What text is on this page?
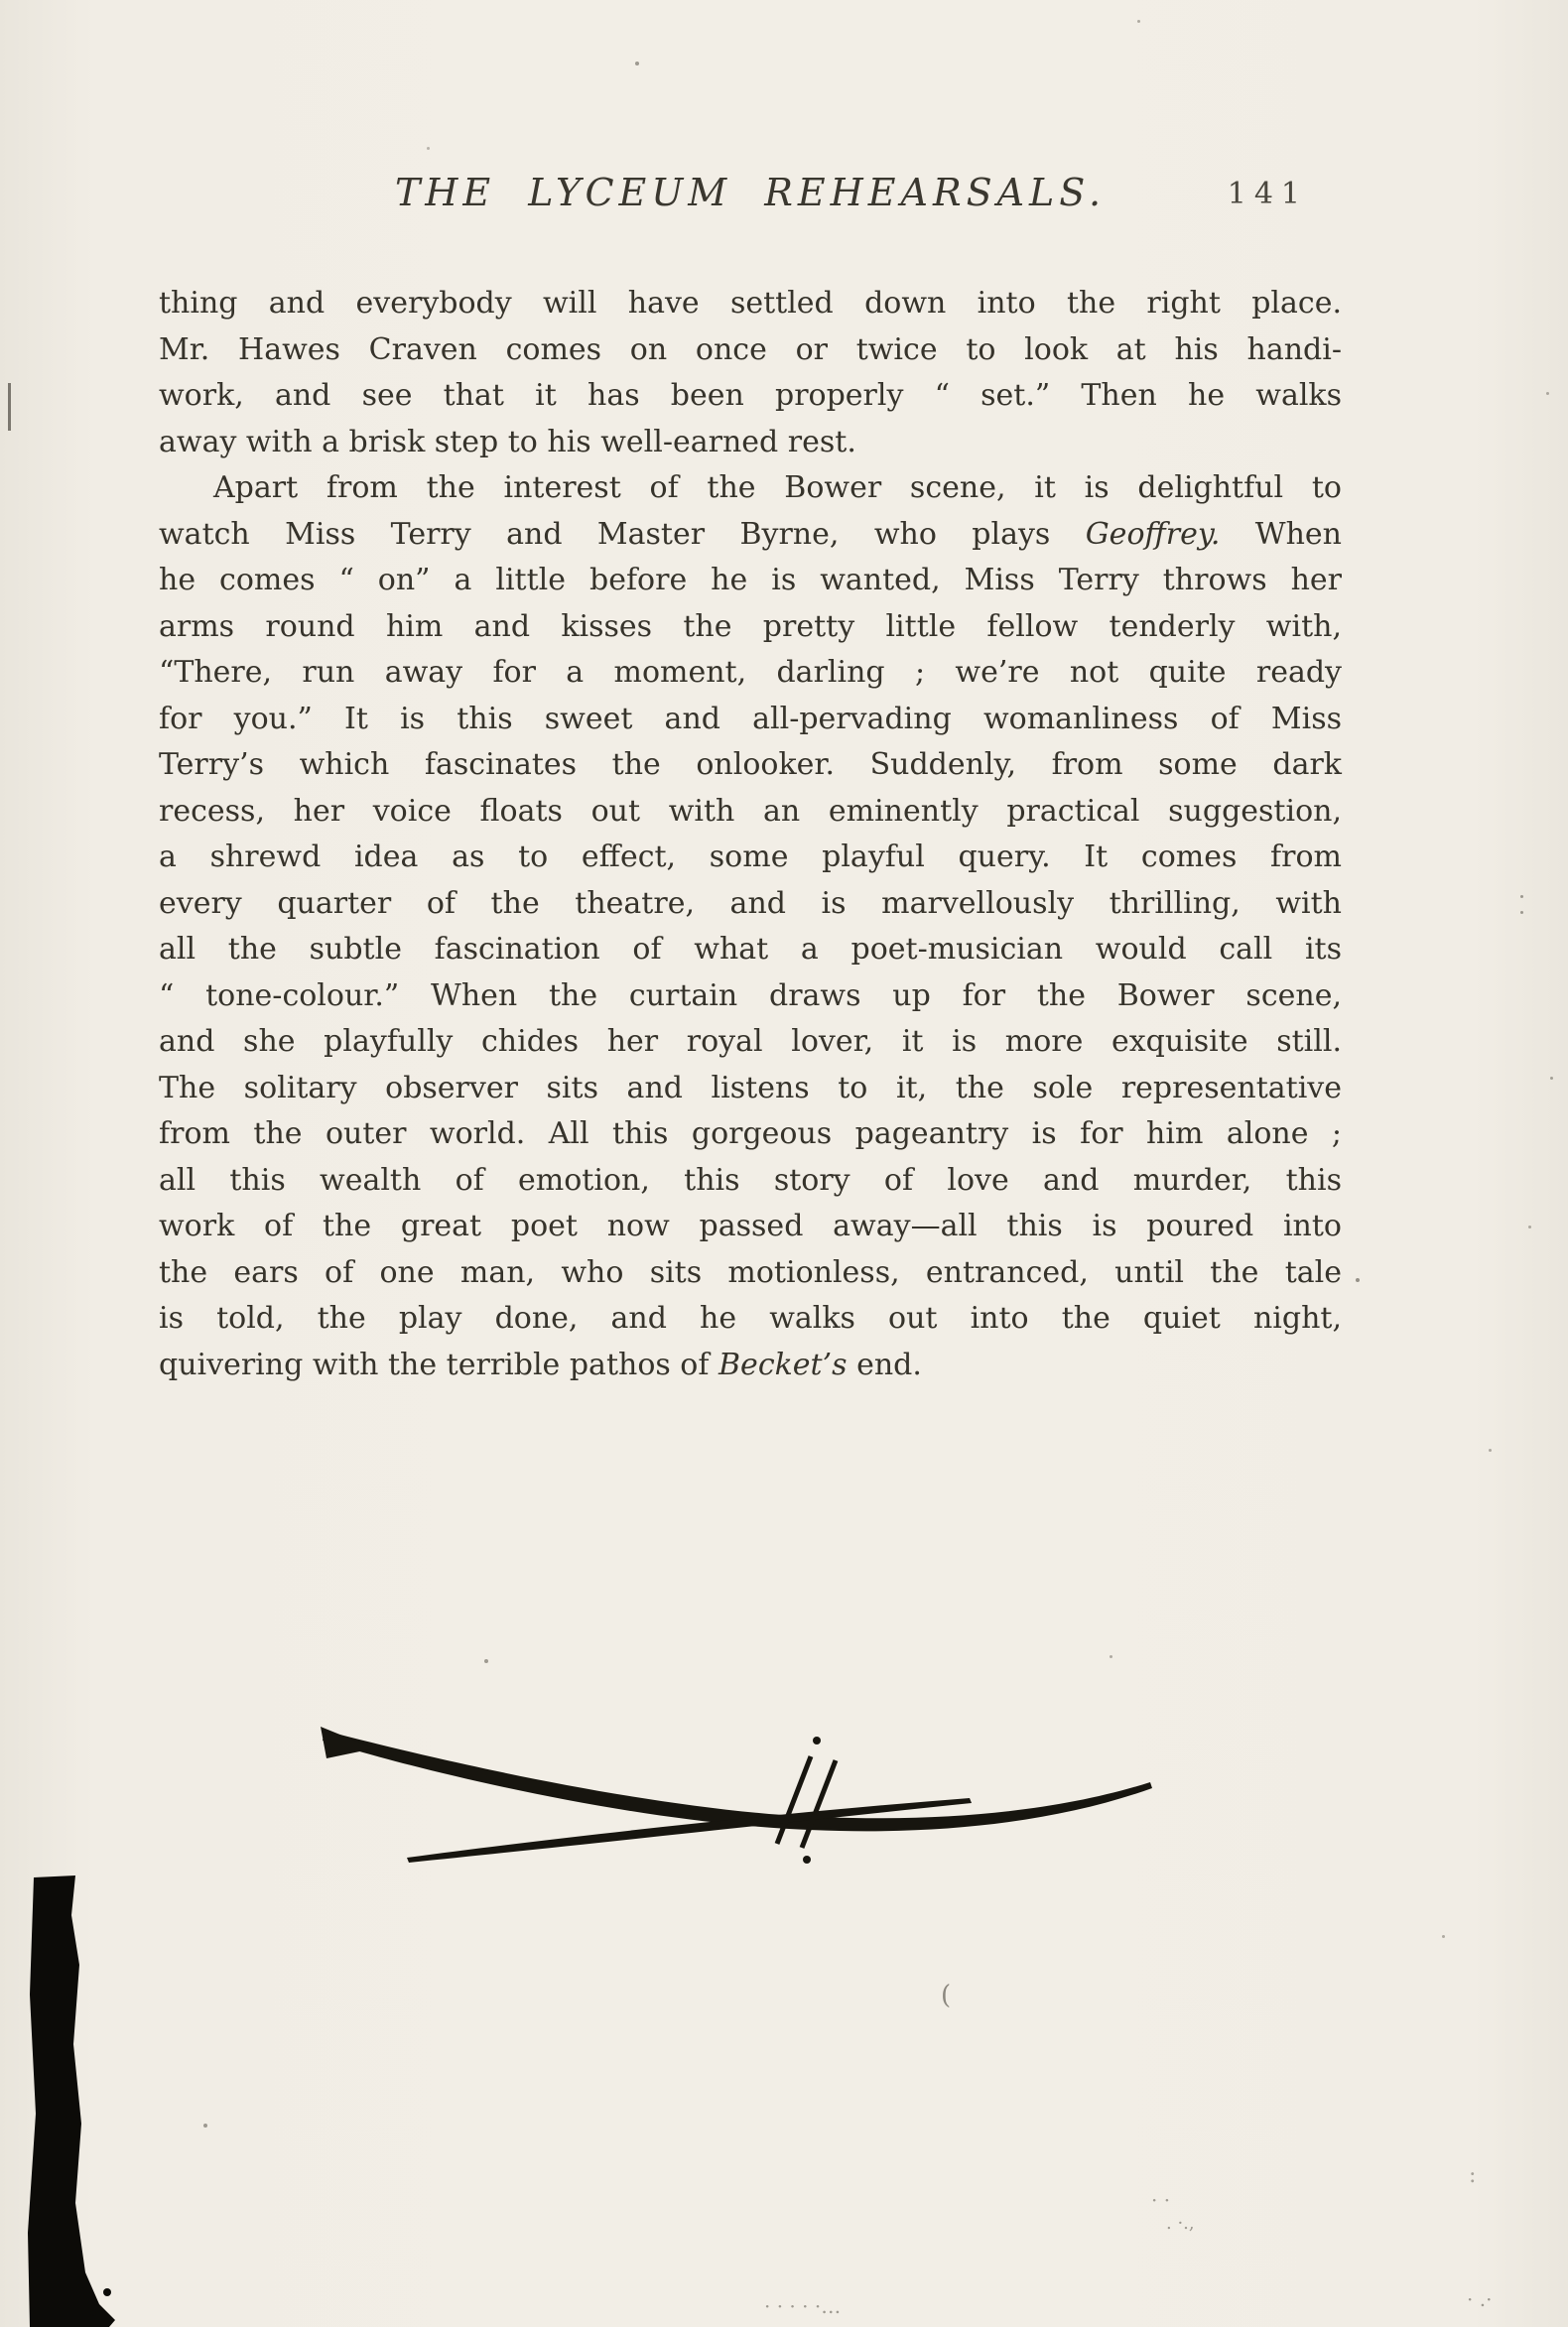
THE LYCEUM REHEARSALS.	141
thing and everybody will have settled down into the right place.
Mr. Hawes Craven comes on once or twice to look at his handi-
work, and see that it has been properly “ set.” Then he walks
away with a brisk step to his well-earned rest.
Apart from the interest of the Bower scene, it is delightful to
watch Miss Terry and Master Byrne, who plays Geoffrey. When
he comes “ on” a little before he is wanted, Miss Terry throws her
arms round him and kisses the pretty little fellow tenderly with,
“There, run away for a moment, darling ; we’re not quite ready
for you.” It is this sweet and all-pervading womanliness of Miss
Terry’s which fascinates the onlooker. Suddenly, from some dark
recess, her voice floats out with an eminently practical suggestion,
a shrewd idea as to effect, some playful query. It comes from
every quarter of the theatre, and is marvellously thrilling, with
all the subtle fascination of what a poet-musician would call its
“ tone-colour.” When the curtain draws up for the Bower scene,
and she playfully chides her royal lover, it is more exquisite still.
The solitary observer sits and listens to it, the sole representative
from the outer world. All this gorgeous pageantry is for him alone ;
all this wealth of emotion, this story of love and murder, this
work of the great poet now passed away—all this is poured into
the ears of one man, who sits motionless, entranced, until the tale
is told, the play done, and he walks out into the quiet night,
quivering with the terrible pathos of Becket’s end.
(
· ·
:
· · · · ·…
. ·.,
· .·
